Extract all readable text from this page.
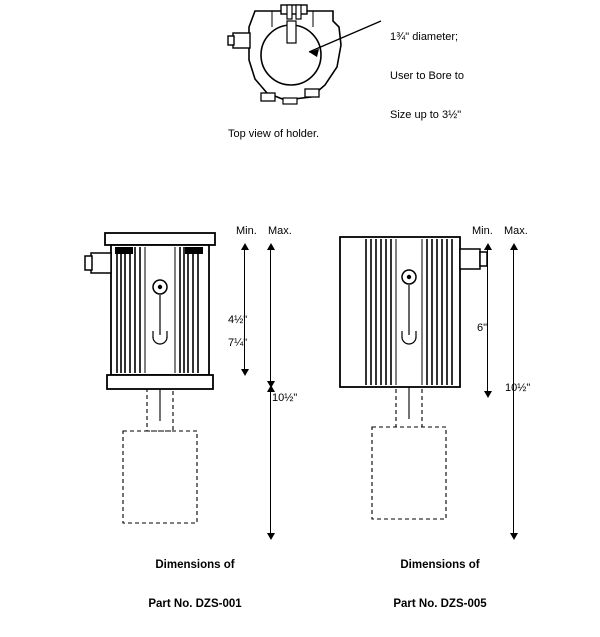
1¾" diameter;

User to Bore to

Size up to 3½"

Top view of holder.
Min. Max.
4½"
7¼"
10½"

Dimensions of

Part No. DZS-001

Min. Max.
6"
10½"

Dimensions of

Part No. DZS-005
